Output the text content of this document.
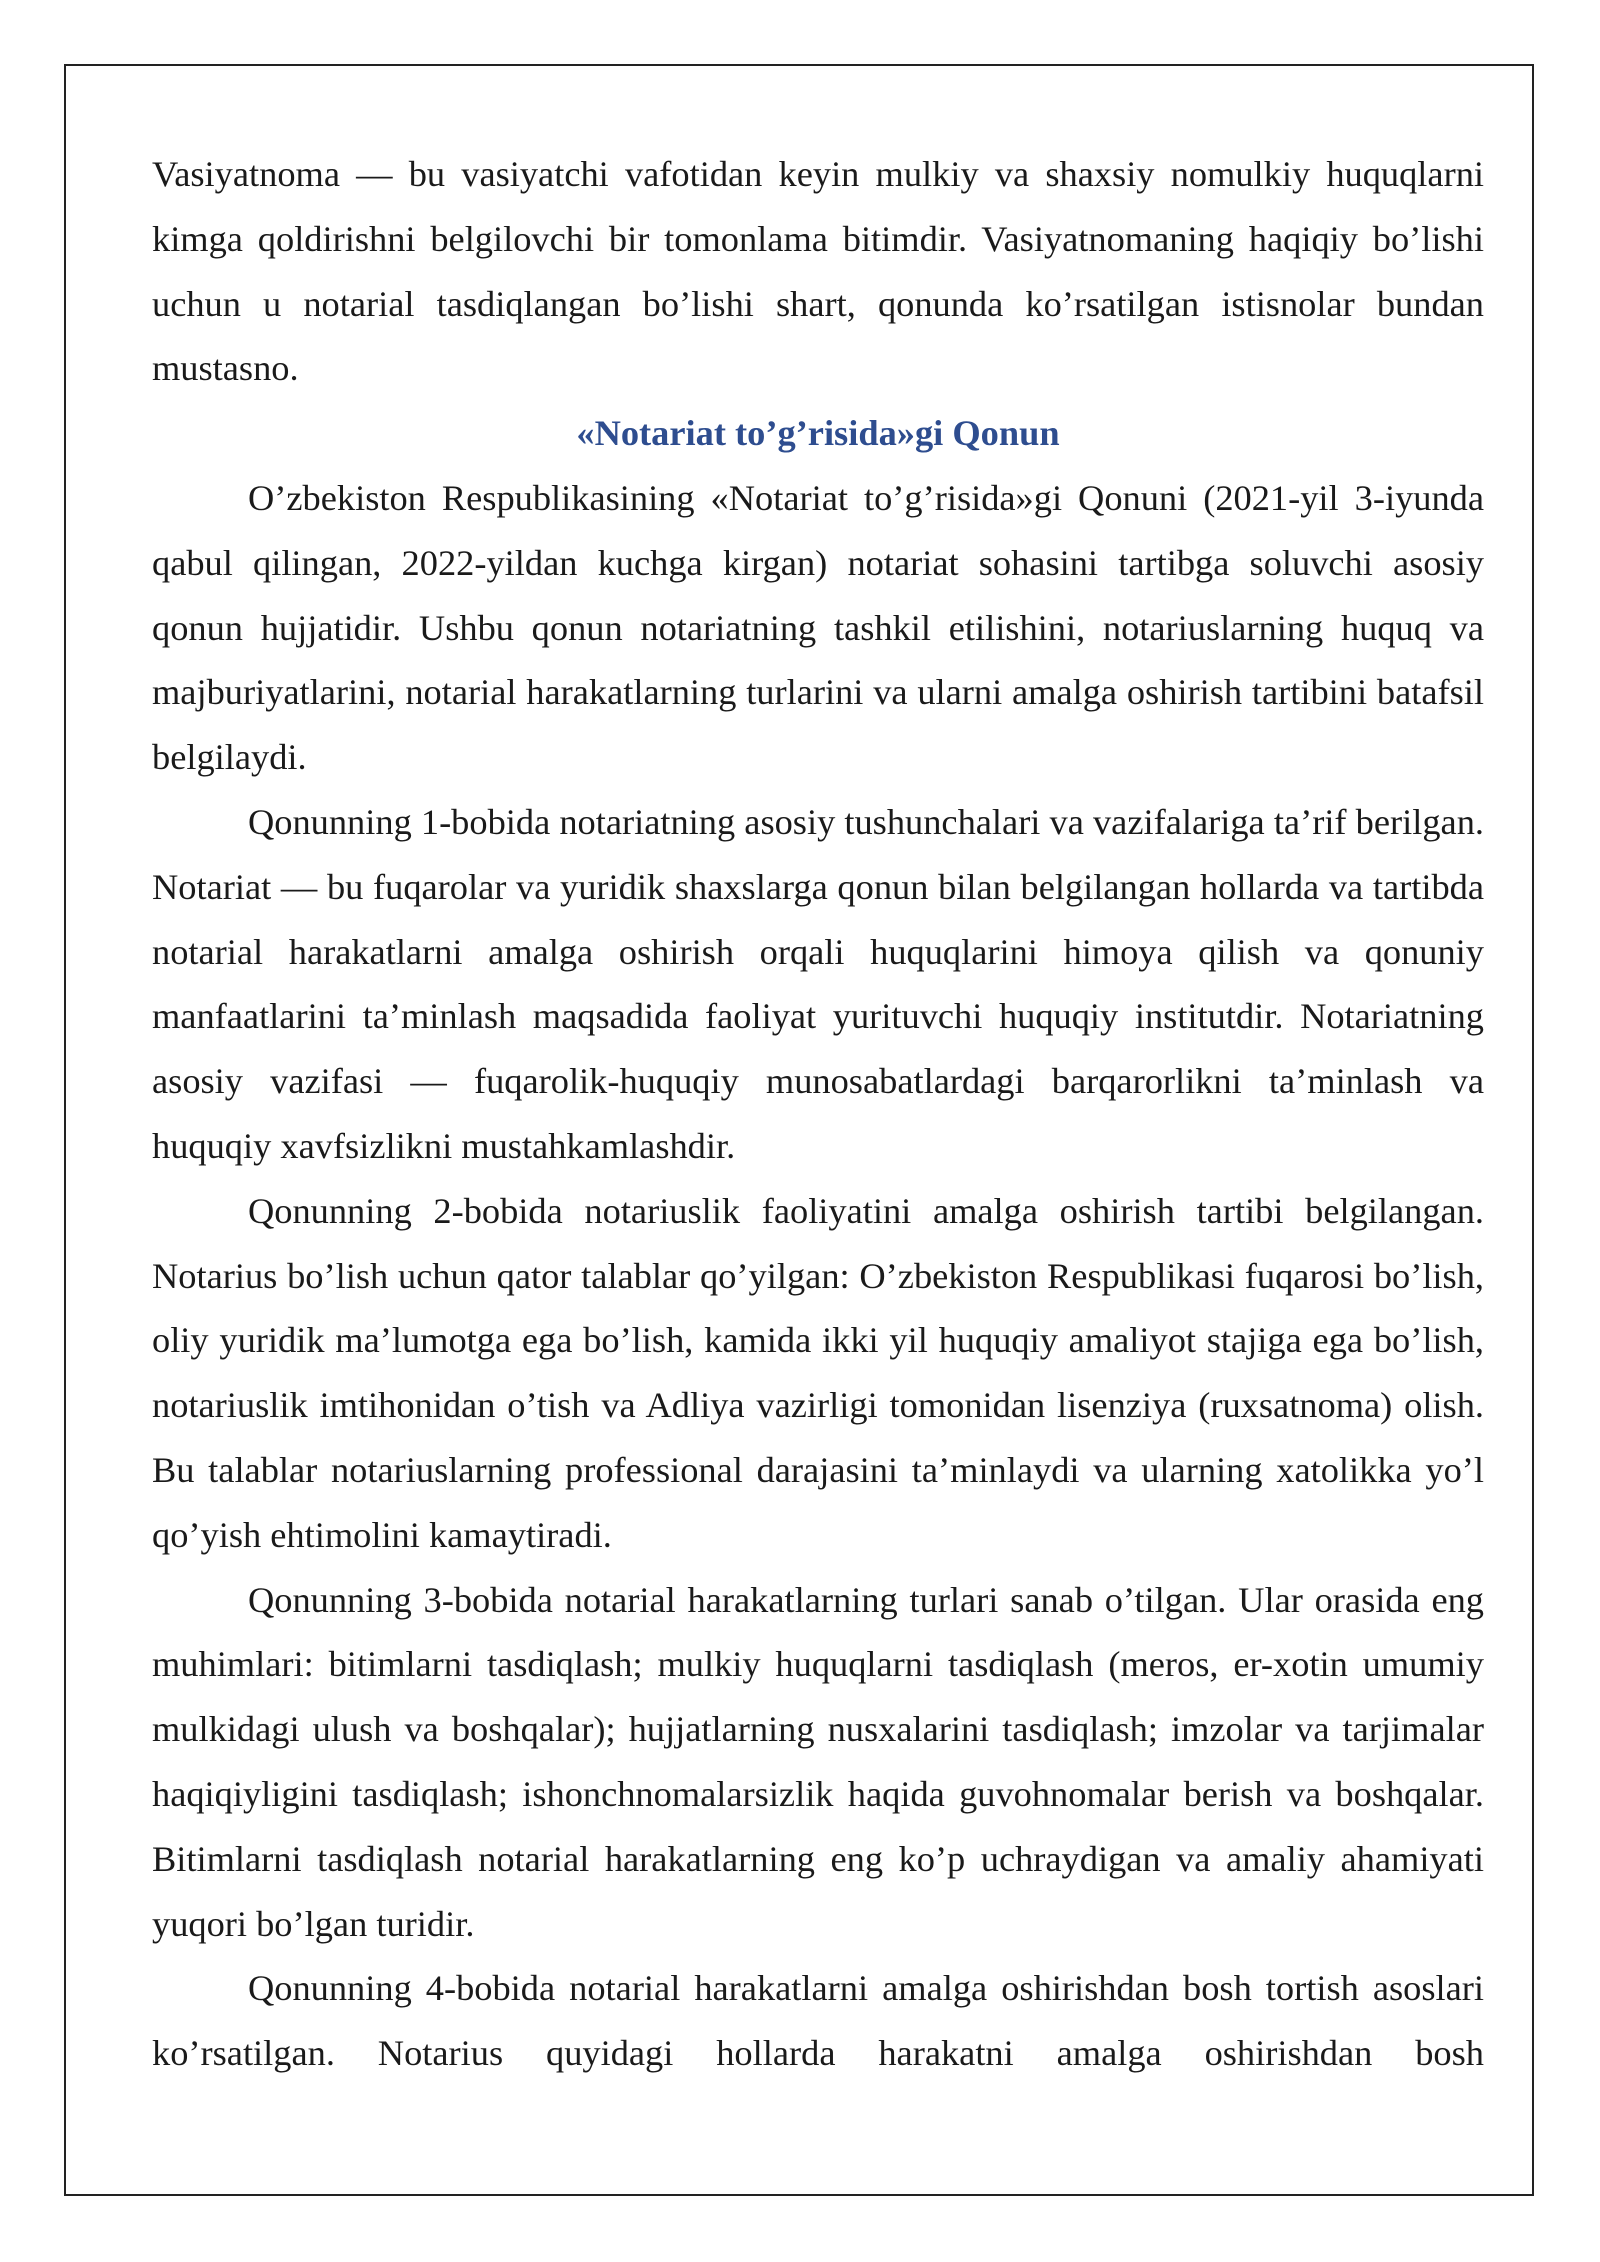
Vasiyatnoma — bu vasiyatchi vafotidan keyin mulkiy va shaxsiy nomulkiy huquqlarni kimga qoldirishni belgilovchi bir tomonlama bitimdir. Vasiyatnomaning haqiqiy bo’lishi uchun u notarial tasdiqlangan bo’lishi shart, qonunda ko’rsatilgan istisnolar bundan mustasno.

«Notariat to’g’risida»gi Qonun

O’zbekiston Respublikasining «Notariat to’g’risida»gi Qonuni (2021-yil 3-iyunda qabul qilingan, 2022-yildan kuchga kirgan) notariat sohasini tartibga soluvchi asosiy qonun hujjatidir. Ushbu qonun notariatning tashkil etilishini, notariuslarning huquq va majburiyatlarini, notarial harakatlarning turlarini va ularni amalga oshirish tartibini batafsil belgilaydi.

Qonunning 1-bobida notariatning asosiy tushunchalari va vazifalariga ta’rif berilgan. Notariat — bu fuqarolar va yuridik shaxslarga qonun bilan belgilangan hollarda va tartibda notarial harakatlarni amalga oshirish orqali huquqlarini himoya qilish va qonuniy manfaatlarini ta’minlash maqsadida faoliyat yurituvchi huquqiy institutdir. Notariatning asosiy vazifasi — fuqarolik-huquqiy munosabatlardagi barqarorlikni ta’minlash va huquqiy xavfsizlikni mustahkamlashdir.

Qonunning 2-bobida notariuslik faoliyatini amalga oshirish tartibi belgilangan. Notarius bo’lish uchun qator talablar qo’yilgan: O’zbekiston Respublikasi fuqarosi bo’lish, oliy yuridik ma’lumotga ega bo’lish, kamida ikki yil huquqiy amaliyot stajiga ega bo’lish, notariuslik imtihonidan o’tish va Adliya vazirligi tomonidan lisenziya (ruxsatnoma) olish. Bu talablar notariuslarning professional darajasini ta’minlaydi va ularning xatolikka yo’l qo’yish ehtimolini kamaytiradi.

Qonunning 3-bobida notarial harakatlarning turlari sanab o’tilgan. Ular orasida eng muhimlari: bitimlarni tasdiqlash; mulkiy huquqlarni tasdiqlash (meros, er-xotin umumiy mulkidagi ulush va boshqalar); hujjatlarning nusxalarini tasdiqlash; imzolar va tarjimalar haqiqiyligini tasdiqlash; ishonchnomalarsizlik haqida guvohnomalar berish va boshqalar. Bitimlarni tasdiqlash notarial harakatlarning eng ko’p uchraydigan va amaliy ahamiyati yuqori bo’lgan turidir.

Qonunning 4-bobida notarial harakatlarni amalga oshirishdan bosh tortish asoslari ko’rsatilgan. Notarius quyidagi hollarda harakatni amalga oshirishdan bosh
